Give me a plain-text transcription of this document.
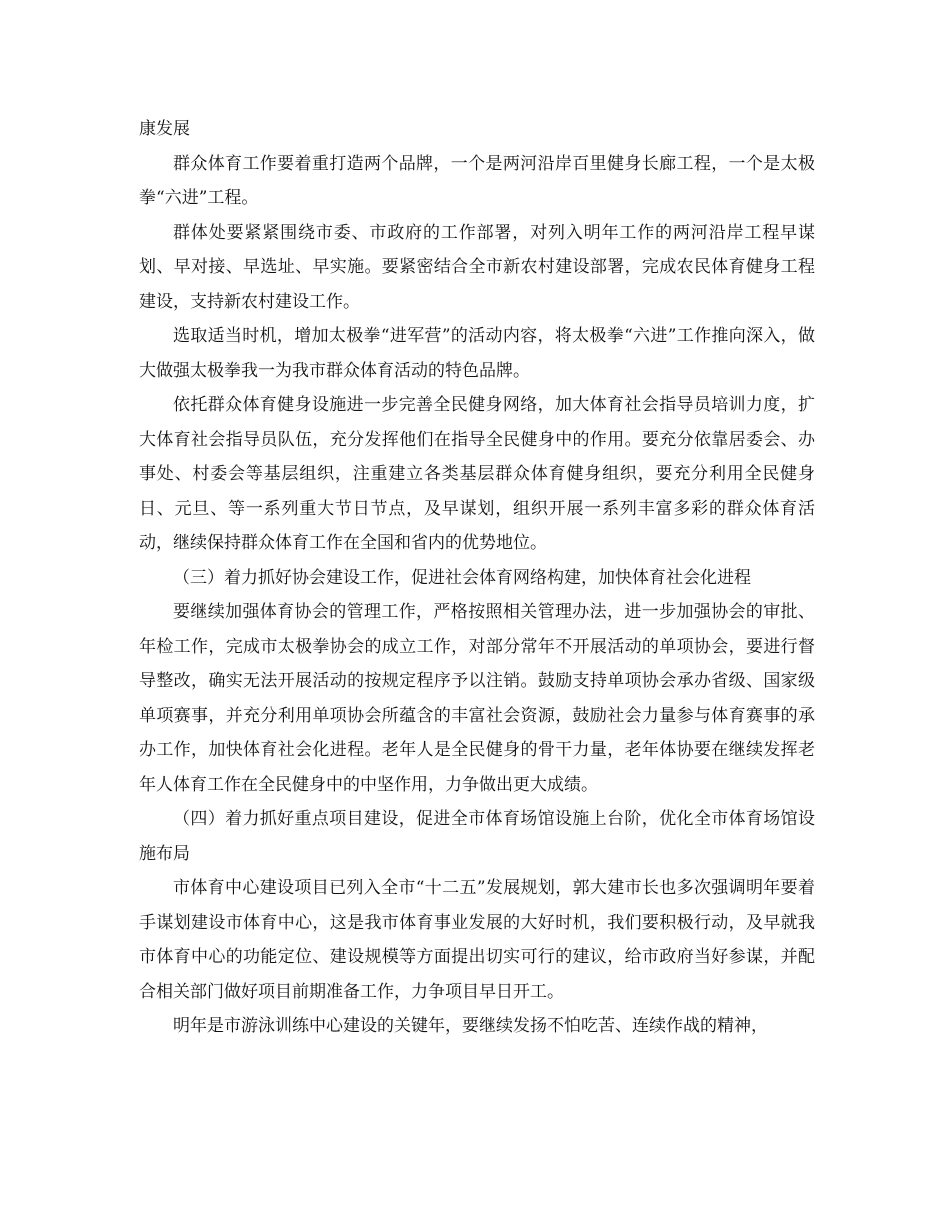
康发展

群众体育工作要着重打造两个品牌，一个是两河沿岸百里健身长廊工程，一个是太极拳“六进”工程。

群体处要紧紧围绕市委、市政府的工作部署，对列入明年工作的两河沿岸工程早谋划、早对接、早选址、早实施。要紧密结合全市新农村建设部署，完成农民体育健身工程建设，支持新农村建设工作。

选取适当时机，增加太极拳“进军营”的活动内容，将太极拳“六进”工作推向深入，做大做强太极拳我一为我市群众体育活动的特色品牌。

依托群众体育健身设施进一步完善全民健身网络，加大体育社会指导员培训力度，扩大体育社会指导员队伍，充分发挥他们在指导全民健身中的作用。要充分依靠居委会、办事处、村委会等基层组织，注重建立各类基层群众体育健身组织，要充分利用全民健身日、元旦、等一系列重大节日节点，及早谋划，组织开展一系列丰富多彩的群众体育活动，继续保持群众体育工作在全国和省内的优势地位。

（三）着力抓好协会建设工作，促进社会体育网络构建，加快体育社会化进程

要继续加强体育协会的管理工作，严格按照相关管理办法，进一步加强协会的审批、年检工作，完成市太极拳协会的成立工作，对部分常年不开展活动的单项协会，要进行督导整改，确实无法开展活动的按规定程序予以注销。鼓励支持单项协会承办省级、国家级单项赛事，并充分利用单项协会所蕴含的丰富社会资源，鼓励社会力量参与体育赛事的承办工作，加快体育社会化进程。老年人是全民健身的骨干力量，老年体协要在继续发挥老年人体育工作在全民健身中的中坚作用，力争做出更大成绩。

（四）着力抓好重点项目建设，促进全市体育场馆设施上台阶，优化全市体育场馆设施布局

市体育中心建设项目已列入全市“十二五”发展规划，郭大建市长也多次强调明年要着手谋划建设市体育中心，这是我市体育事业发展的大好时机，我们要积极行动，及早就我市体育中心的功能定位、建设规模等方面提出切实可行的建议，给市政府当好参谋，并配合相关部门做好项目前期准备工作，力争项目早日开工。

明年是市游泳训练中心建设的关键年，要继续发扬不怕吃苦、连续作战的精神，
